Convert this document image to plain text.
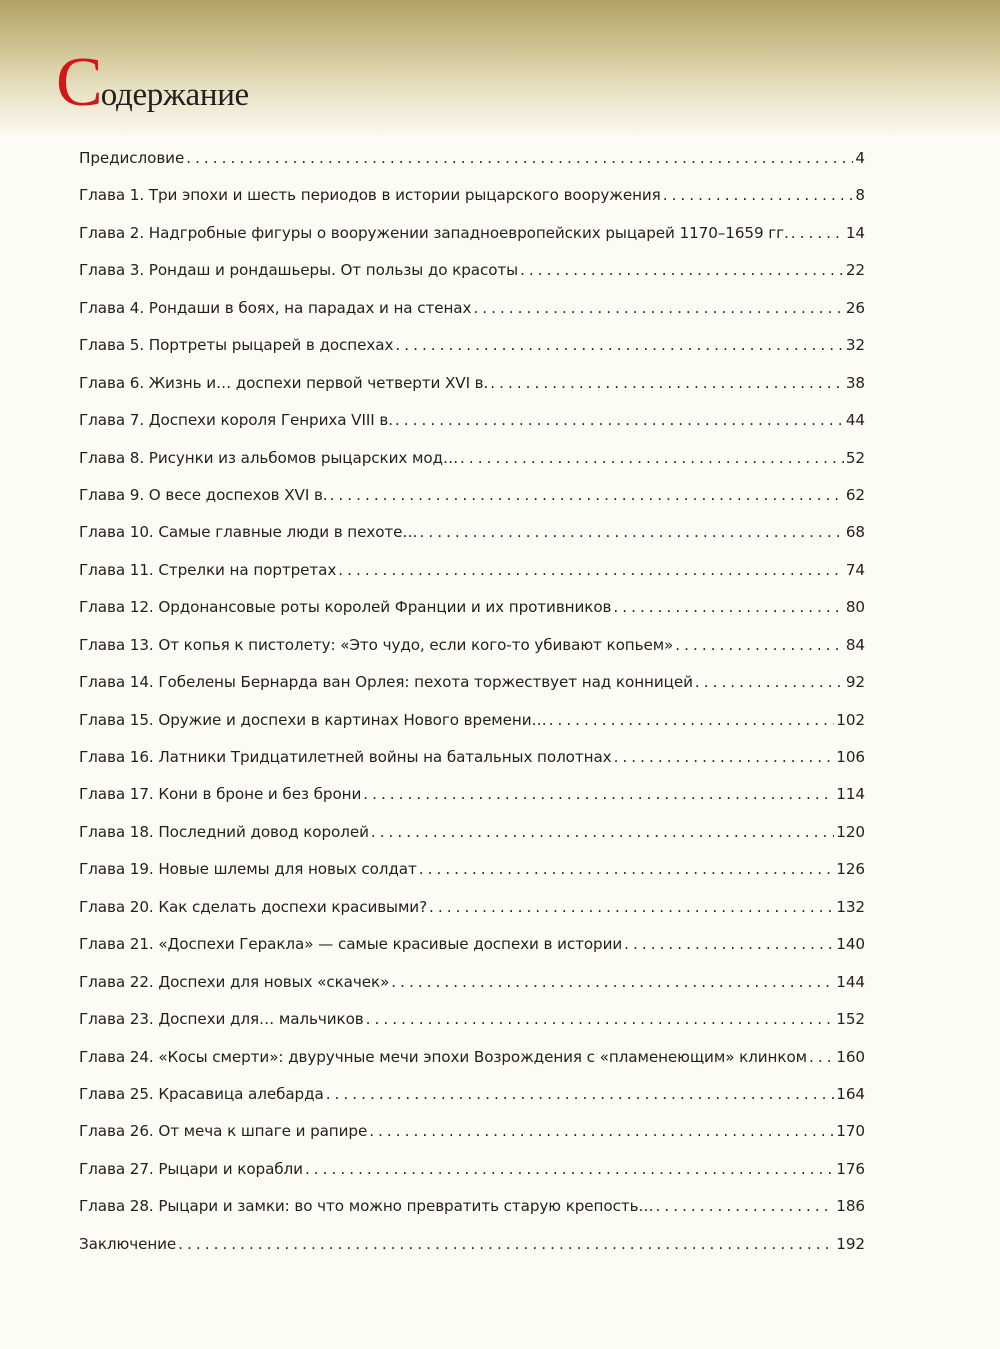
Содержание
Предисловие . . .	4
Глава 1. Три эпохи и шесть периодов в истории рыцарского вооружения . . .	8
Глава 2. Надгробные фигуры о вооружении западноевропейских рыцарей 1170–1659 гг. . . .	14
Глава 3. Рондаш и рондашьеры. От пользы до красоты . . .	22
Глава 4. Рондаши в боях, на парадах и на стенах . . .	26
Глава 5. Портреты рыцарей в доспехах . . .	32
Глава 6. Жизнь и… доспехи первой четверти XVI в. . . .	38
Глава 7. Доспехи короля Генриха VIII в. . . .	44
Глава 8. Рисунки из альбомов рыцарских мод… . . .	52
Глава 9. О весе доспехов XVI в. . . .	62
Глава 10. Самые главные люди в пехоте… . . .	68
Глава 11. Стрелки на портретах . . .	74
Глава 12. Ордонансовые роты королей Франции и их противников . . .	80
Глава 13. От копья к пистолету: «Это чудо, если кого-то убивают копьем» . . .	84
Глава 14. Гобелены Бернарда ван Орлея: пехота торжествует над конницей . . .	92
Глава 15. Оружие и доспехи в картинах Нового времени… . . .	102
Глава 16. Латники Тридцатилетней войны на батальных полотнах . . .	106
Глава 17. Кони в броне и без брони . . .	114
Глава 18. Последний довод королей . . .	120
Глава 19. Новые шлемы для новых солдат . . .	126
Глава 20. Как сделать доспехи красивыми? . . .	132
Глава 21. «Доспехи Геракла» — самые красивые доспехи в истории . . .	140
Глава 22. Доспехи для новых «скачек» . . .	144
Глава 23. Доспехи для… мальчиков . . .	152
Глава 24. «Косы смерти»: двуручные мечи эпохи Возрождения с «пламенеющим» клинком . . . 160
Глава 25. Красавица алебарда . . .	164
Глава 26. От меча к шпаге и рапире . . .	170
Глава 27. Рыцари и корабли . . .	176
Глава 28. Рыцари и замки: во что можно превратить старую крепость… . . .	186
Заключение . . .	192
